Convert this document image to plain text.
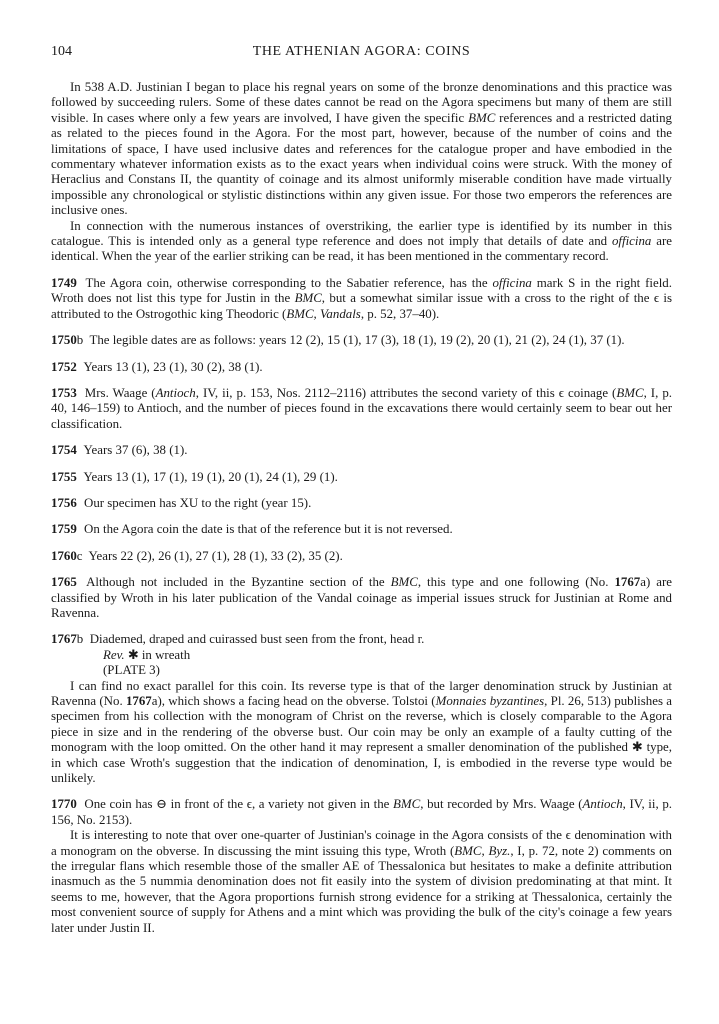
104	THE ATHENIAN AGORA: COINS

In 538 A.D. Justinian I began to place his regnal years on some of the bronze denominations and this practice was followed by succeeding rulers. Some of these dates cannot be read on the Agora specimens but many of them are still visible. In cases where only a few years are involved, I have given the specific BMC references and a restricted dating as related to the pieces found in the Agora. For the most part, however, because of the number of coins and the limitations of space, I have used inclusive dates and references for the catalogue proper and have embodied in the commentary whatever information exists as to the exact years when individual coins were struck. With the money of Heraclius and Constans II, the quantity of coinage and its almost uniformly miserable condition have made virtually impossible any chronological or stylistic distinctions within any given issue. For those two emperors the references are inclusive ones.

In connection with the numerous instances of overstriking, the earlier type is identified by its number in this catalogue. This is intended only as a general type reference and does not imply that details of date and officina are identical. When the year of the earlier striking can be read, it has been mentioned in the commentary record.

1749 The Agora coin, otherwise corresponding to the Sabatier reference, has the officina mark S in the right field. Wroth does not list this type for Justin in the BMC, but a somewhat similar issue with a cross to the right of the ϵ is attributed to the Ostrogothic king Theodoric (BMC, Vandals, p. 52, 37–40).

1750b The legible dates are as follows: years 12 (2), 15 (1), 17 (3), 18 (1), 19 (2), 20 (1), 21 (2), 24 (1), 37 (1).

1752 Years 13 (1), 23 (1), 30 (2), 38 (1).

1753 Mrs. Waage (Antioch, IV, ii, p. 153, Nos. 2112–2116) attributes the second variety of this ϵ coinage (BMC, I, p. 40, 146–159) to Antioch, and the number of pieces found in the excavations there would certainly seem to bear out her classification.

1754 Years 37 (6), 38 (1).

1755 Years 13 (1), 17 (1), 19 (1), 20 (1), 24 (1), 29 (1).

1756 Our specimen has XU to the right (year 15).

1759 On the Agora coin the date is that of the reference but it is not reversed.

1760c Years 22 (2), 26 (1), 27 (1), 28 (1), 33 (2), 35 (2).

1765 Although not included in the Byzantine section of the BMC, this type and one following (No. 1767a) are classified by Wroth in his later publication of the Vandal coinage as imperial issues struck for Justinian at Rome and Ravenna.

1767b Diademed, draped and cuirassed bust seen from the front, head r.

Rev. ✱ in wreath

(PLATE 3)

I can find no exact parallel for this coin. Its reverse type is that of the larger denomination struck by Justinian at Ravenna (No. 1767a), which shows a facing head on the obverse. Tolstoi (Monnaies byzantines, Pl. 26, 513) publishes a specimen from his collection with the monogram of Christ on the reverse, which is closely comparable to the Agora piece in size and in the rendering of the obverse bust. Our coin may be only an example of a faulty cutting of the monogram with the loop omitted. On the other hand it may represent a smaller denomination of the published ✱ type, in which case Wroth's suggestion that the indication of denomination, I, is embodied in the reverse type would be unlikely.

1770 One coin has ⊖ in front of the ϵ, a variety not given in the BMC, but recorded by Mrs. Waage (Antioch, IV, ii, p. 156, No. 2153).

It is interesting to note that over one-quarter of Justinian's coinage in the Agora consists of the ϵ denomination with a monogram on the obverse. In discussing the mint issuing this type, Wroth (BMC, Byz., I, p. 72, note 2) comments on the irregular flans which resemble those of the smaller AE of Thessalonica but hesitates to make a definite attribution inasmuch as the 5 nummia denomination does not fit easily into the system of division predominating at that mint. It seems to me, however, that the Agora proportions furnish strong evidence for a striking at Thessalonica, certainly the most convenient source of supply for Athens and a mint which was providing the bulk of the city's coinage a few years later under Justin II.
